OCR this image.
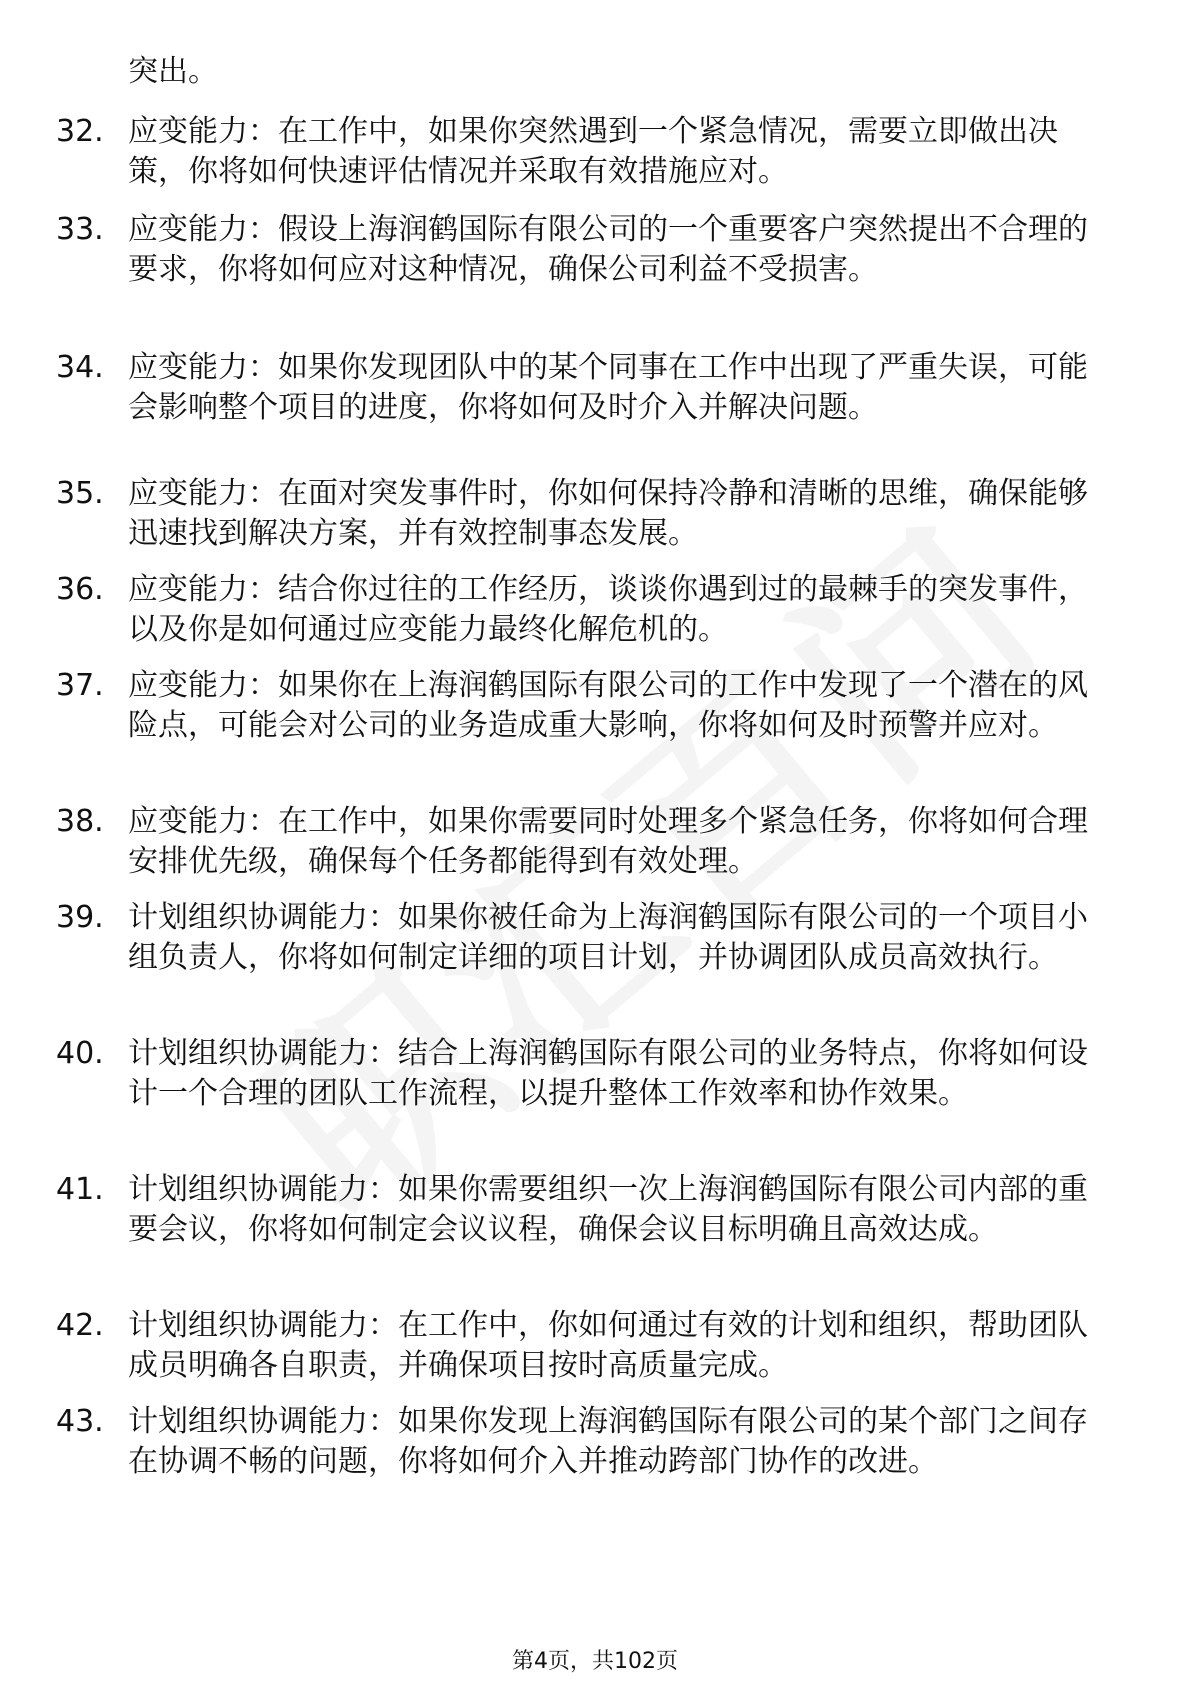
突出。
32. 应变能力：在工作中，如果你突然遇到一个紧急情况，需要立即做出决策，你将如何快速评估情况并采取有效措施应对。
33. 应变能力：假设上海润鹤国际有限公司的一个重要客户突然提出不合理的要求，你将如何应对这种情况，确保公司利益不受损害。
34. 应变能力：如果你发现团队中的某个同事在工作中出现了严重失误，可能会影响整个项目的进度，你将如何及时介入并解决问题。
35. 应变能力：在面对突发事件时，你如何保持冷静和清晰的思维，确保能够迅速找到解决方案，并有效控制事态发展。
36. 应变能力：结合你过往的工作经历，谈谈你遇到过的最棘手的突发事件，以及你是如何通过应变能力最终化解危机的。
37. 应变能力：如果你在上海润鹤国际有限公司的工作中发现了一个潜在的风险点，可能会对公司的业务造成重大影响，你将如何及时预警并应对。
38. 应变能力：在工作中，如果你需要同时处理多个紧急任务，你将如何合理安排优先级，确保每个任务都能得到有效处理。
39. 计划组织协调能力：如果你被任命为上海润鹤国际有限公司的一个项目小组负责人，你将如何制定详细的项目计划，并协调团队成员高效执行。
40. 计划组织协调能力：结合上海润鹤国际有限公司的业务特点，你将如何设计一个合理的团队工作流程，以提升整体工作效率和协作效果。
41. 计划组织协调能力：如果你需要组织一次上海润鹤国际有限公司内部的重要会议，你将如何制定会议议程，确保会议目标明确且高效达成。
42. 计划组织协调能力：在工作中，你如何通过有效的计划和组织，帮助团队成员明确各自职责，并确保项目按时高质量完成。
43. 计划组织协调能力：如果你发现上海润鹤国际有限公司的某个部门之间存在协调不畅的问题，你将如何介入并推动跨部门协作的改进。
第4页，共102页
